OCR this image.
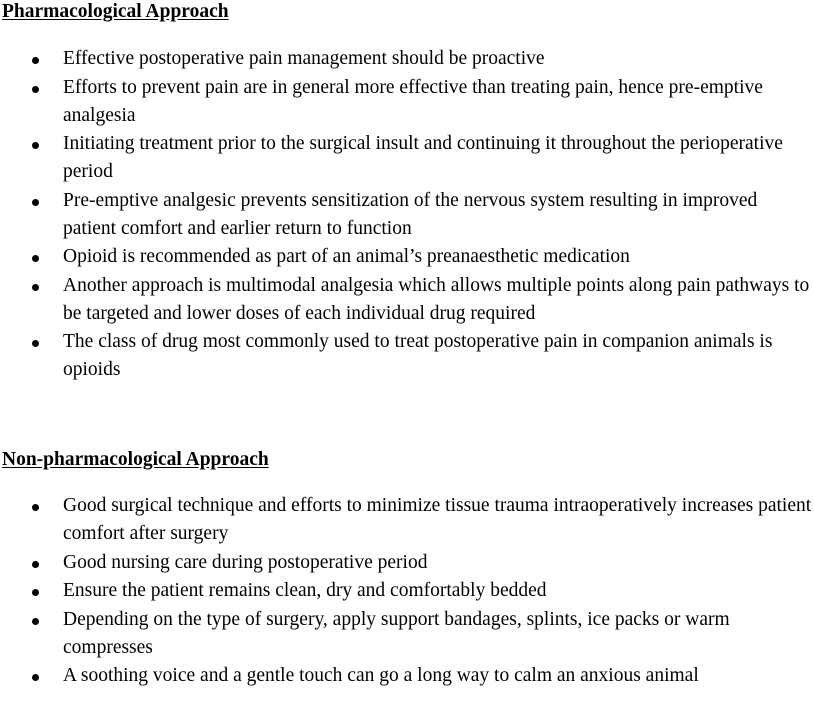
Pharmacological Approach
Effective postoperative pain management should be proactive
Efforts to prevent pain are in general more effective than treating pain, hence pre-emptive analgesia
Initiating treatment prior to the surgical insult and continuing it throughout the perioperative period
Pre-emptive analgesic prevents sensitization of the nervous system resulting in improved patient comfort and earlier return to function
Opioid is recommended as part of an animal’s preanaesthetic medication
Another approach is multimodal analgesia which allows multiple points along pain pathways to be targeted and lower doses of each individual drug required
The class of drug most commonly used to treat postoperative pain in companion animals is opioids
Non-pharmacological Approach
Good surgical technique and efforts to minimize tissue trauma intraoperatively increases patient comfort after surgery
Good nursing care during postoperative period
Ensure the patient remains clean, dry and comfortably bedded
Depending on the type of surgery, apply support bandages, splints, ice packs or warm compresses
A soothing voice and a gentle touch can go a long way to calm an anxious animal
